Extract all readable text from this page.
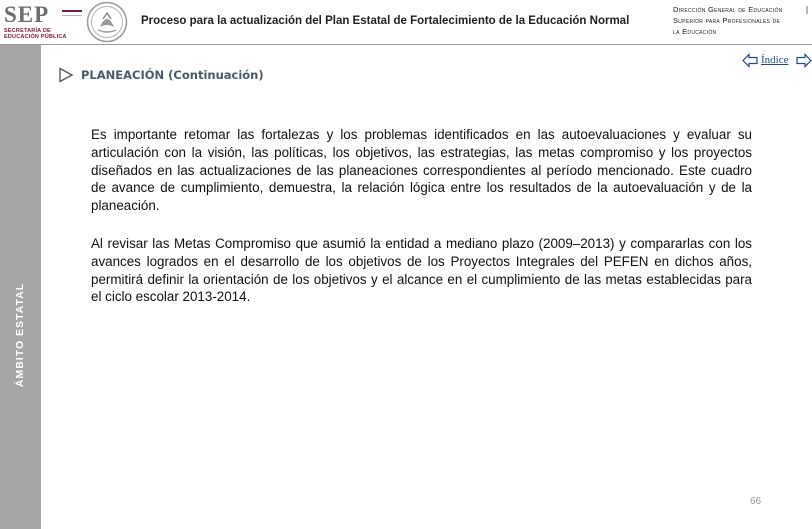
SEP
SECRETARÍA DE EDUCACIÓN PÚBLICA
Proceso para la actualización del Plan Estatal de Fortalecimiento de la Educación Normal
Dirección General de Educación
Superior para Profesionales de
la Educación
ÁMBITO ESTATAL
PLANEACIÓN (Continuación)
Índice

Es importante retomar las fortalezas y los problemas identificados en las autoevaluaciones y evaluar su articulación con la visión, las políticas, los objetivos, las estrategias, las metas compromiso y los proyectos diseñados en las actualizaciones de las planeaciones correspondientes al período mencionado. Este cuadro de avance de cumplimiento, demuestra, la relación lógica entre los resultados de la autoevaluación y de la planeación.

Al revisar las Metas Compromiso que asumió la entidad a mediano plazo (2009–2013) y compararlas con los avances logrados en el desarrollo de los objetivos de los Proyectos Integrales del PEFEN en dichos años, permitirá definir la orientación de los objetivos y el alcance en el cumplimiento de las metas establecidas para el ciclo escolar 2013-2014.

66
